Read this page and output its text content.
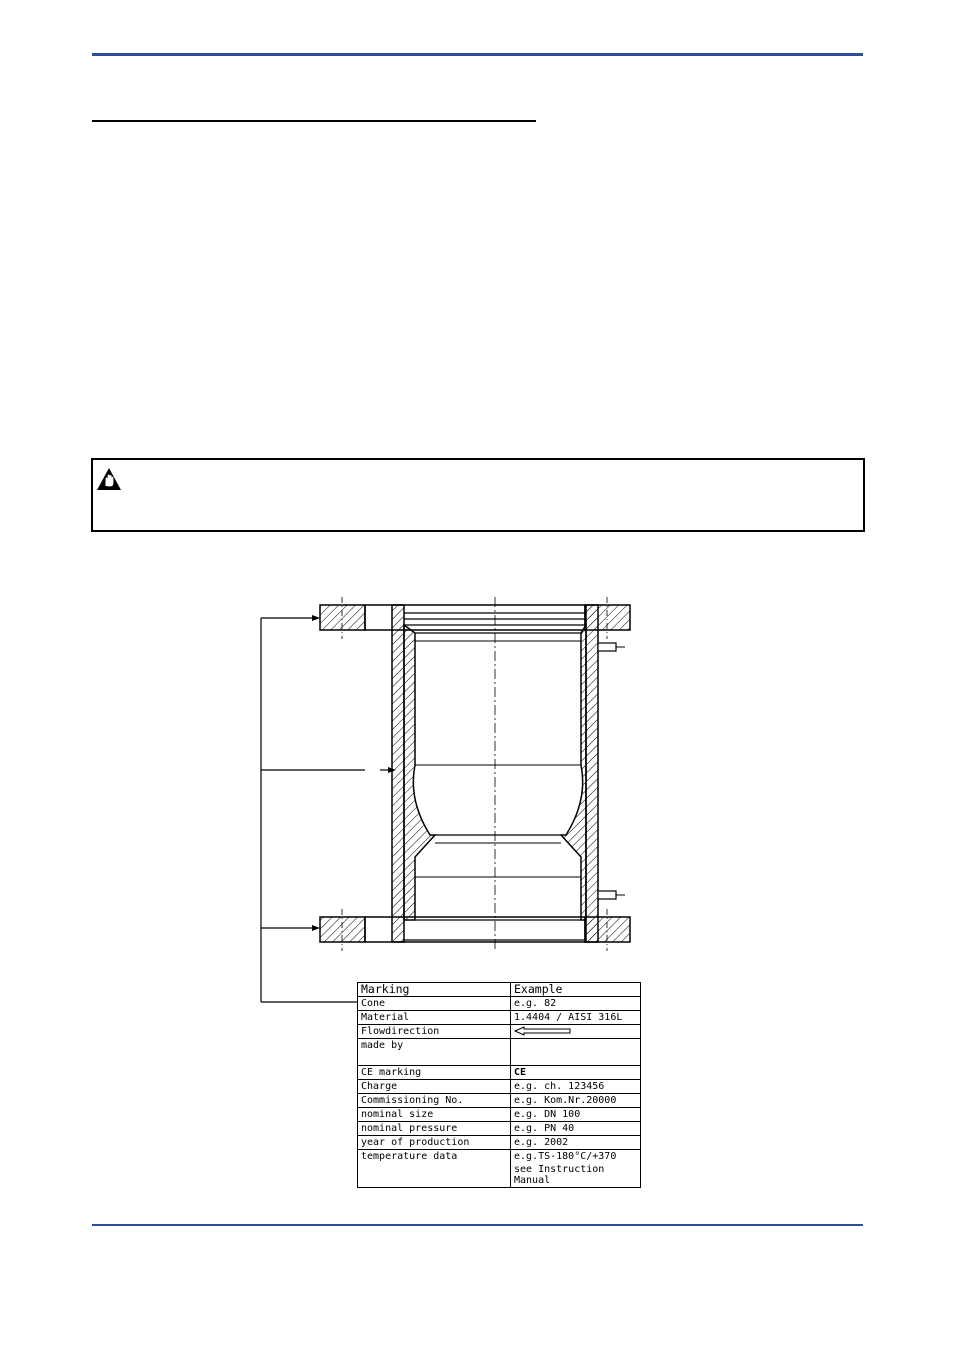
Marking	Example
Cone	e.g. 82
Material	1.4404 / AISI 316L
Flowdirection	
made by	
CE marking	CE
Charge	e.g. ch. 123456
Commissioning No.	e.g. Kom.Nr.20000
nominal size	e.g. DN 100
nominal pressure	e.g. PN 40
year of production	e.g. 2002
temperature data	e.g.TS-180°C/+370
	see Instruction Manual
